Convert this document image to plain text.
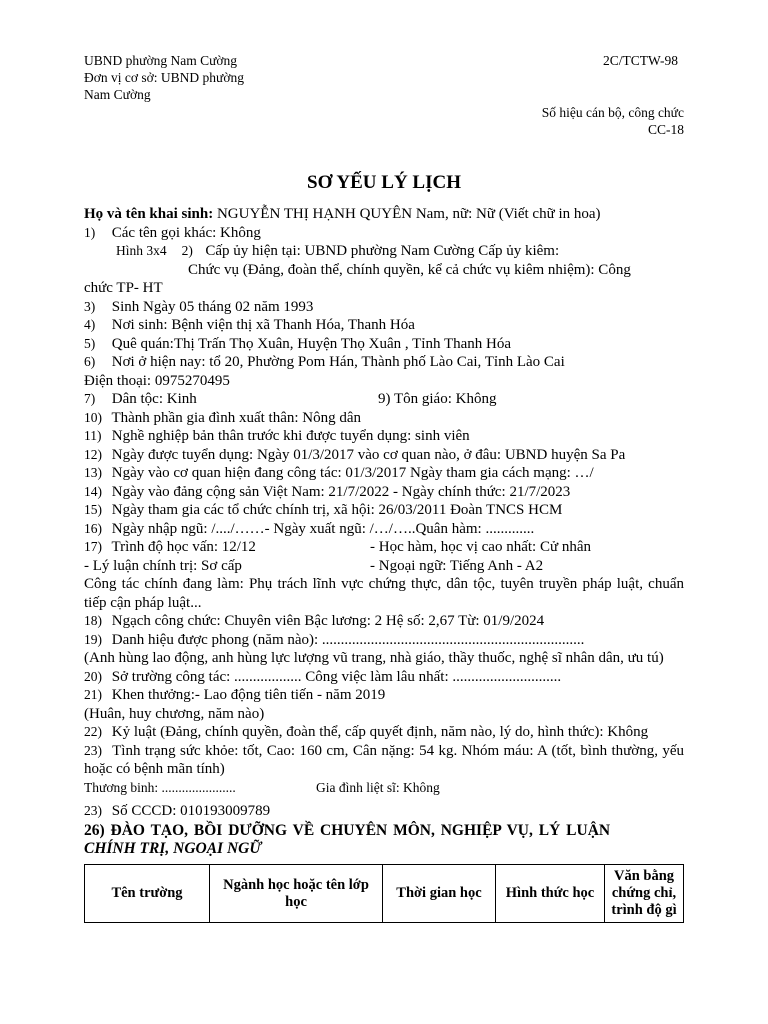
UBND phường Nam Cường
Đơn vị cơ sở: UBND phường
Nam Cường
2C/TCTW-98
Số hiệu cán bộ, công chức
CC-18
SƠ YẾU LÝ LỊCH
Họ và tên khai sinh: NGUYỄN THỊ HẠNH QUYÊN Nam, nữ: Nữ (Viết chữ in hoa)
1) Các tên gọi khác: Không
Hình 3x4 2) Cấp ủy hiện tại: UBND phường Nam Cường Cấp ủy kiêm:
Chức vụ (Đảng, đoàn thể, chính quyền, kể cả chức vụ kiêm nhiệm): Công
chức TP- HT
3) Sinh Ngày 05 tháng 02 năm 1993
4) Nơi sinh: Bệnh viện thị xã Thanh Hóa, Thanh Hóa
5) Quê quán:Thị Trấn Thọ Xuân, Huyện Thọ Xuân , Tỉnh Thanh Hóa
6) Nơi ở hiện nay: tổ 20, Phường Pom Hán, Thành phố Lào Cai, Tỉnh Lào Cai
Điện thoại: 0975270495
7) Dân tộc: Kinh	9) Tôn giáo: Không
10) Thành phần gia đình xuất thân: Nông dân
11) Nghề nghiệp bản thân trước khi được tuyển dụng: sinh viên
12) Ngày được tuyển dụng: Ngày 01/3/2017 vào cơ quan nào, ở đâu: UBND huyện Sa Pa
13) Ngày vào cơ quan hiện đang công tác: 01/3/2017 Ngày tham gia cách mạng: …/
14) Ngày vào đảng cộng sản Việt Nam: 21/7/2022 - Ngày chính thức: 21/7/2023
15) Ngày tham gia các tổ chức chính trị, xã hội: 26/03/2011 Đoàn TNCS HCM
16) Ngày nhập ngũ: /..../……- Ngày xuất ngũ: /…/…..Quân hàm: .............
17) Trình độ học vấn: 12/12	- Học hàm, học vị cao nhất: Cử nhân
- Lý luận chính trị: Sơ cấp	- Ngoại ngữ: Tiếng Anh - A2
Công tác chính đang làm: Phụ trách lĩnh vực chứng thực, dân tộc, tuyên truyền pháp luật, chuẩn tiếp cận pháp luật...
18) Ngạch công chức: Chuyên viên Bậc lương: 2 Hệ số: 2,67 Từ: 01/9/2024
19) Danh hiệu được phong (năm nào): ......................................................................
(Anh hùng lao động, anh hùng lực lượng vũ trang, nhà giáo, thầy thuốc, nghệ sĩ nhân dân, ưu tú)
20) Sở trường công tác: .................. Công việc làm lâu nhất: .............................
21) Khen thưởng:- Lao động tiên tiến - năm 2019
(Huân, huy chương, năm nào)
22) Kỷ luật (Đảng, chính quyền, đoàn thể, cấp quyết định, năm nào, lý do, hình thức): Không
23) Tình trạng sức khỏe: tốt, Cao: 160 cm, Cân nặng: 54 kg. Nhóm máu: A (tốt, bình thường, yếu hoặc có bệnh mãn tính)
Thương binh: ......................	Gia đình liệt sĩ: Không
23) Số CCCD: 010193009789
26) ĐÀO TẠO, BỒI DƯỠNG VỀ CHUYÊN MÔN, NGHIỆP VỤ, LÝ LUẬN
CHÍNH TRỊ, NGOẠI NGỮ
Tên trường	Ngành học hoặc tên lớp học	Thời gian học	Hình thức học	Văn bằng chứng chỉ, trình độ gì
